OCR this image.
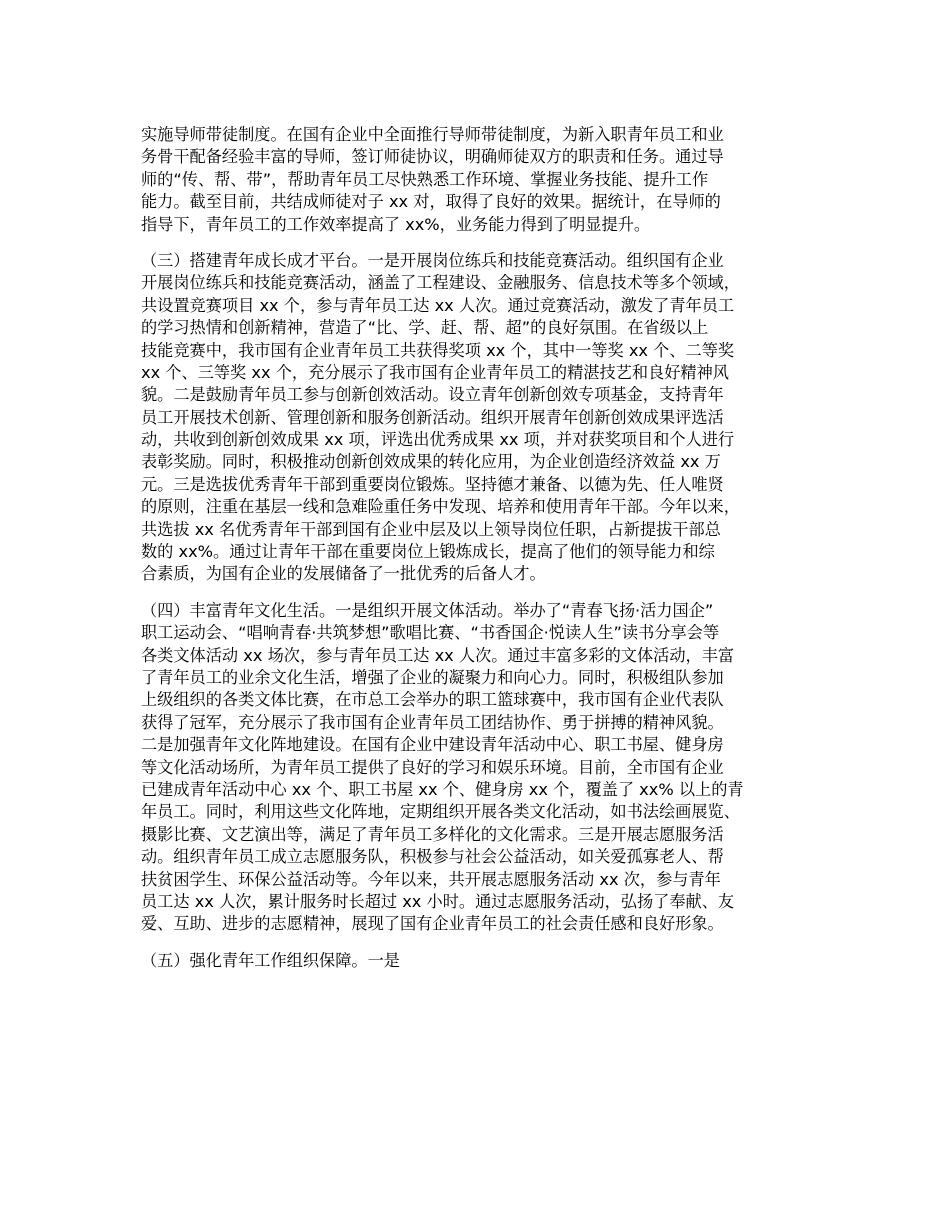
实施导师带徒制度。在国有企业中全面推行导师带徒制度，为新入职青年员工和业
务骨干配备经验丰富的导师，签订师徒协议，明确师徒双方的职责和任务。通过导
师的“传、帮、带”，帮助青年员工尽快熟悉工作环境、掌握业务技能、提升工作
能力。截至目前，共结成师徒对子 xx 对，取得了良好的效果。据统计，在导师的
指导下，青年员工的工作效率提高了 xx%，业务能力得到了明显提升。
（三）搭建青年成长成才平台。一是开展岗位练兵和技能竞赛活动。组织国有企业
开展岗位练兵和技能竞赛活动，涵盖了工程建设、金融服务、信息技术等多个领域，
共设置竞赛项目 xx 个，参与青年员工达 xx 人次。通过竞赛活动，激发了青年员工
的学习热情和创新精神，营造了“比、学、赶、帮、超”的良好氛围。在省级以上
技能竞赛中，我市国有企业青年员工共获得奖项 xx 个，其中一等奖 xx 个、二等奖
xx 个、三等奖 xx 个，充分展示了我市国有企业青年员工的精湛技艺和良好精神风
貌。二是鼓励青年员工参与创新创效活动。设立青年创新创效专项基金，支持青年
员工开展技术创新、管理创新和服务创新活动。组织开展青年创新创效成果评选活
动，共收到创新创效成果 xx 项，评选出优秀成果 xx 项，并对获奖项目和个人进行
表彰奖励。同时，积极推动创新创效成果的转化应用，为企业创造经济效益 xx 万
元。三是选拔优秀青年干部到重要岗位锻炼。坚持德才兼备、以德为先、任人唯贤
的原则，注重在基层一线和急难险重任务中发现、培养和使用青年干部。今年以来，
共选拔 xx 名优秀青年干部到国有企业中层及以上领导岗位任职，占新提拔干部总
数的 xx%。通过让青年干部在重要岗位上锻炼成长，提高了他们的领导能力和综
合素质，为国有企业的发展储备了一批优秀的后备人才。
（四）丰富青年文化生活。一是组织开展文体活动。举办了“青春飞扬·活力国企”
职工运动会、“唱响青春·共筑梦想”歌唱比赛、“书香国企·悦读人生”读书分享会等
各类文体活动 xx 场次，参与青年员工达 xx 人次。通过丰富多彩的文体活动，丰富
了青年员工的业余文化生活，增强了企业的凝聚力和向心力。同时，积极组队参加
上级组织的各类文体比赛，在市总工会举办的职工篮球赛中，我市国有企业代表队
获得了冠军，充分展示了我市国有企业青年员工团结协作、勇于拼搏的精神风貌。
二是加强青年文化阵地建设。在国有企业中建设青年活动中心、职工书屋、健身房
等文化活动场所，为青年员工提供了良好的学习和娱乐环境。目前，全市国有企业
已建成青年活动中心 xx 个、职工书屋 xx 个、健身房 xx 个，覆盖了 xx% 以上的青
年员工。同时，利用这些文化阵地，定期组织开展各类文化活动，如书法绘画展览、
摄影比赛、文艺演出等，满足了青年员工多样化的文化需求。三是开展志愿服务活
动。组织青年员工成立志愿服务队，积极参与社会公益活动，如关爱孤寡老人、帮
扶贫困学生、环保公益活动等。今年以来，共开展志愿服务活动 xx 次，参与青年
员工达 xx 人次，累计服务时长超过 xx 小时。通过志愿服务活动，弘扬了奉献、友
爱、互助、进步的志愿精神，展现了国有企业青年员工的社会责任感和良好形象。
（五）强化青年工作组织保障。一是
